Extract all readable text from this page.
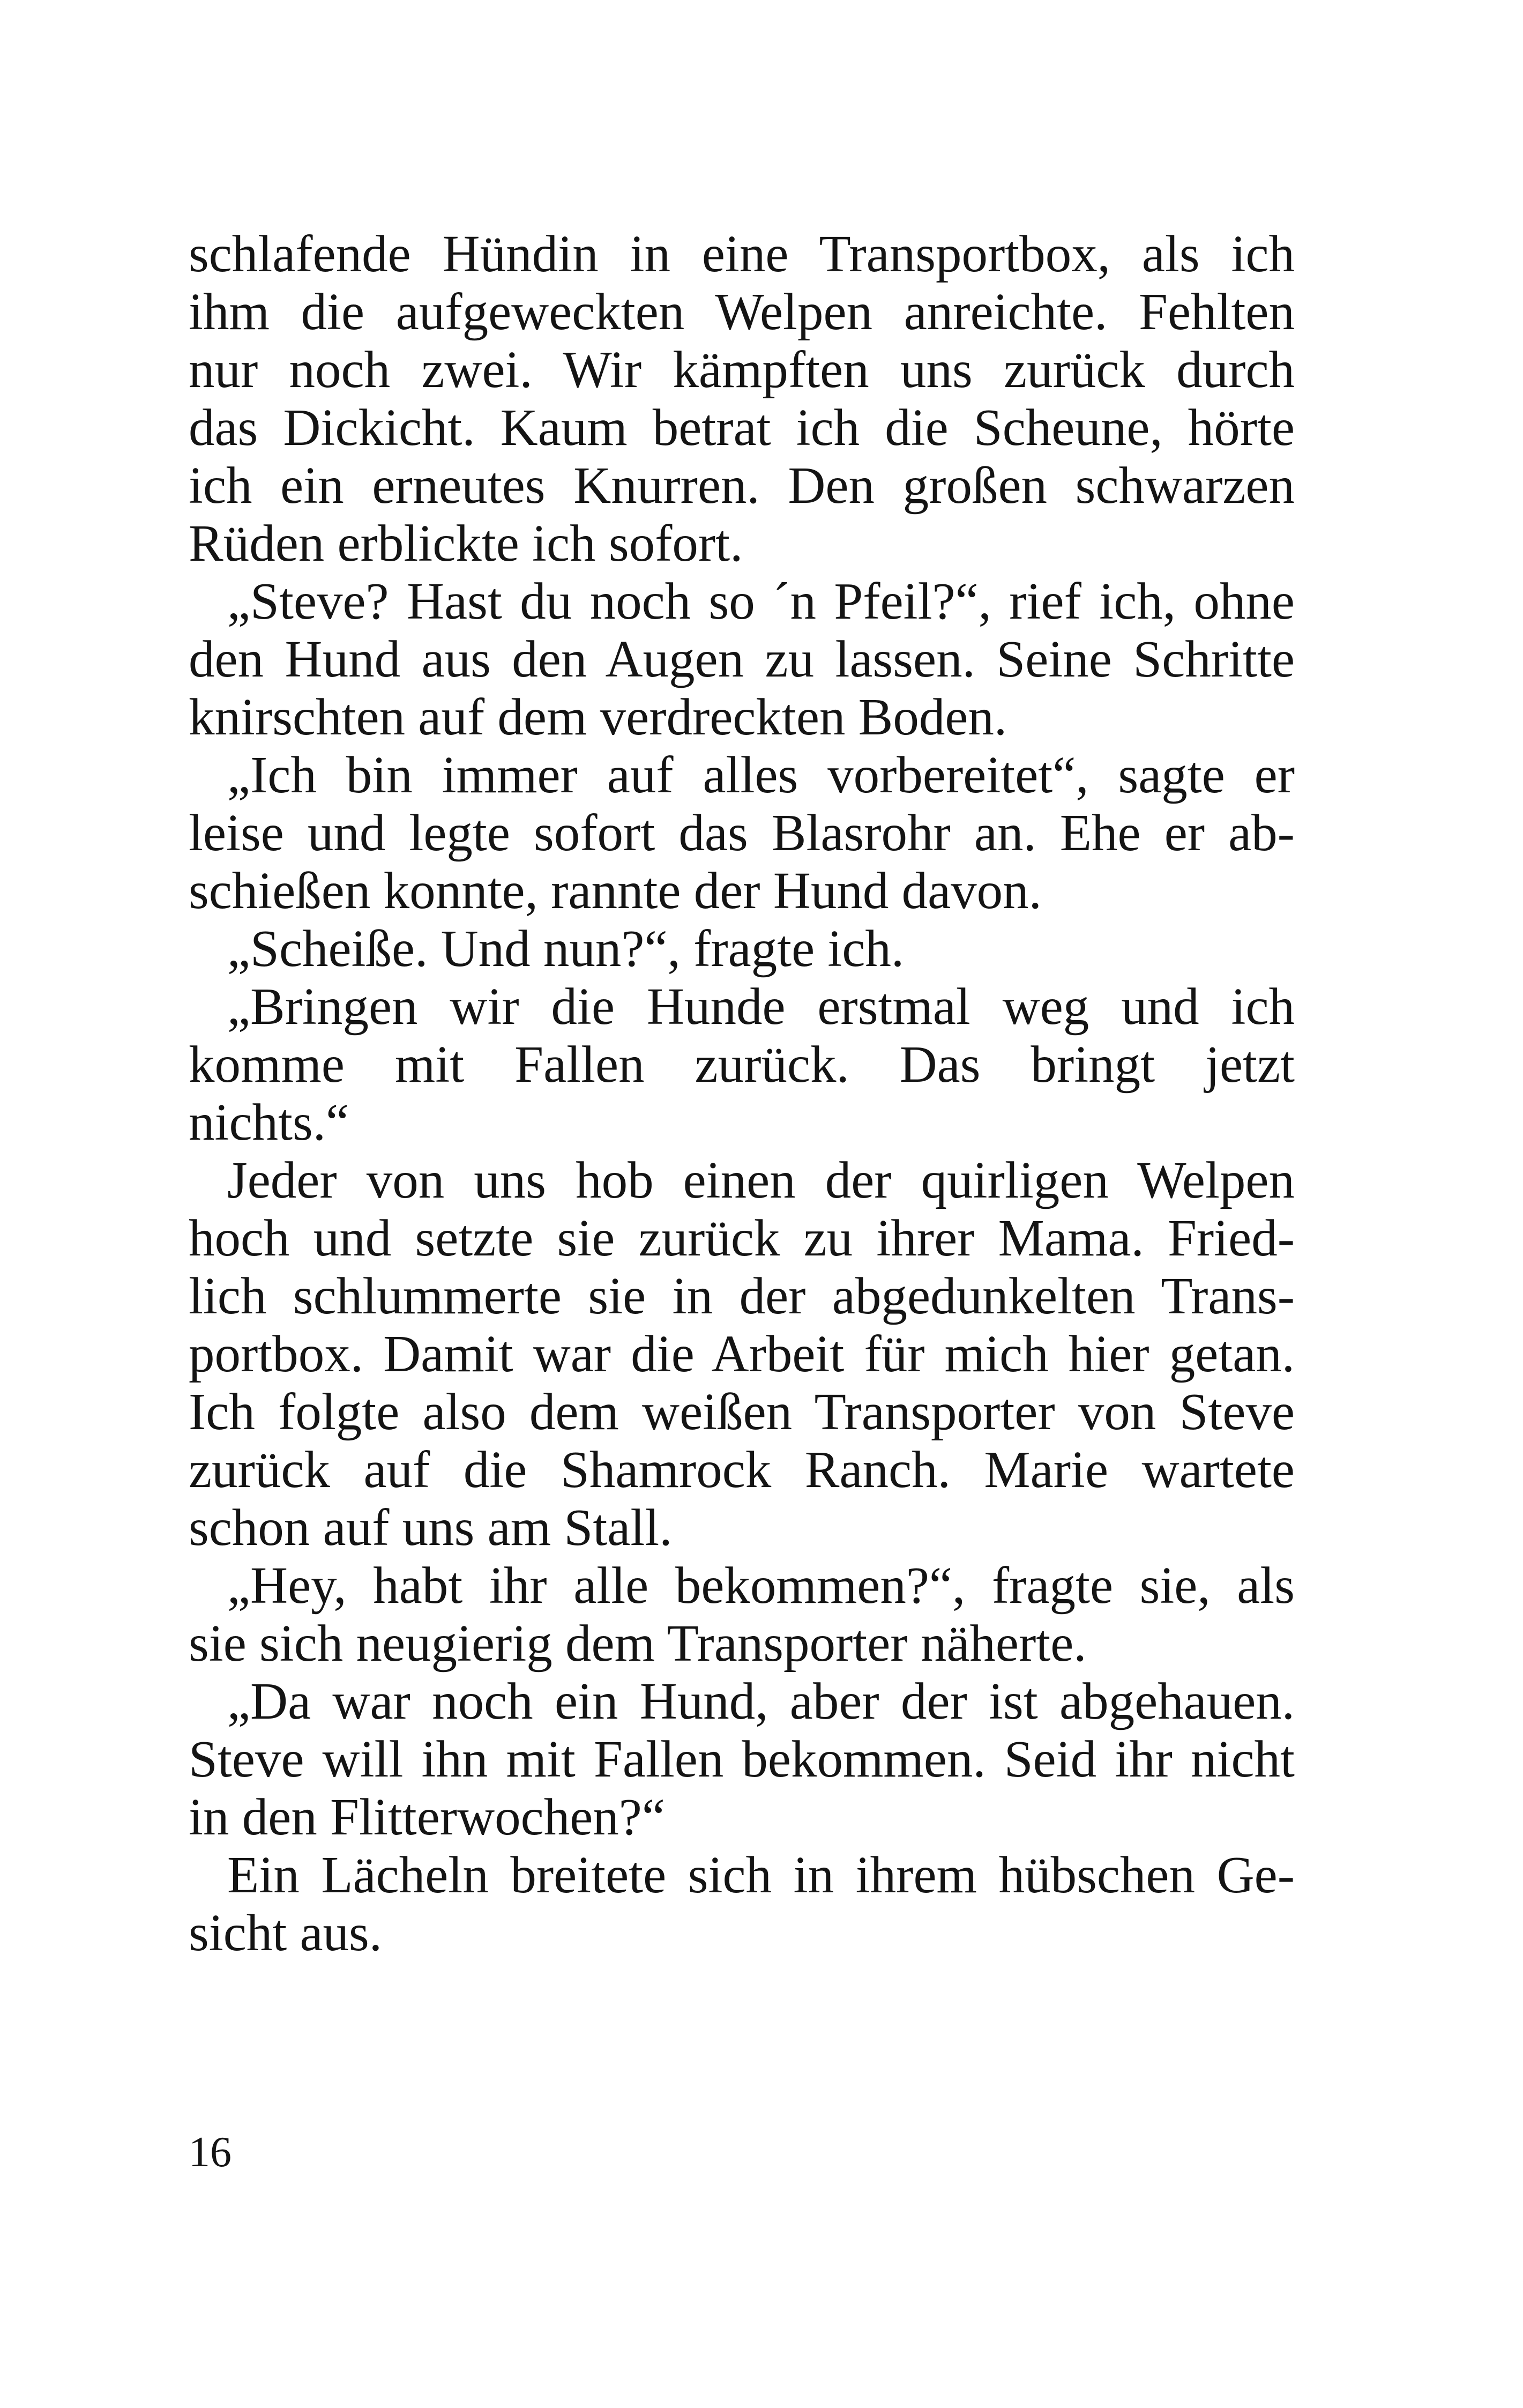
schlafende Hündin in eine Transportbox, als ich
ihm die aufgeweckten Welpen anreichte. Fehlten
nur noch zwei. Wir kämpften uns zurück durch
das Dickicht. Kaum betrat ich die Scheune, hörte
ich ein erneutes Knurren. Den großen schwarzen
Rüden erblickte ich sofort.
„Steve? Hast du noch so ´n Pfeil?“, rief ich, ohne
den Hund aus den Augen zu lassen. Seine Schritte
knirschten auf dem verdreckten Boden.
„Ich bin immer auf alles vorbereitet“, sagte er
leise und legte sofort das Blasrohr an. Ehe er ab-
schießen konnte, rannte der Hund davon.
„Scheiße. Und nun?“, fragte ich.
„Bringen wir die Hunde erstmal weg und ich
komme mit Fallen zurück. Das bringt jetzt
nichts.“
Jeder von uns hob einen der quirligen Welpen
hoch und setzte sie zurück zu ihrer Mama. Fried-
lich schlummerte sie in der abgedunkelten Trans-
portbox. Damit war die Arbeit für mich hier getan.
Ich folgte also dem weißen Transporter von Steve
zurück auf die Shamrock Ranch. Marie wartete
schon auf uns am Stall.
„Hey, habt ihr alle bekommen?“, fragte sie, als
sie sich neugierig dem Transporter näherte.
„Da war noch ein Hund, aber der ist abgehauen.
Steve will ihn mit Fallen bekommen. Seid ihr nicht
in den Flitterwochen?“
Ein Lächeln breitete sich in ihrem hübschen Ge-
sicht aus.
16
